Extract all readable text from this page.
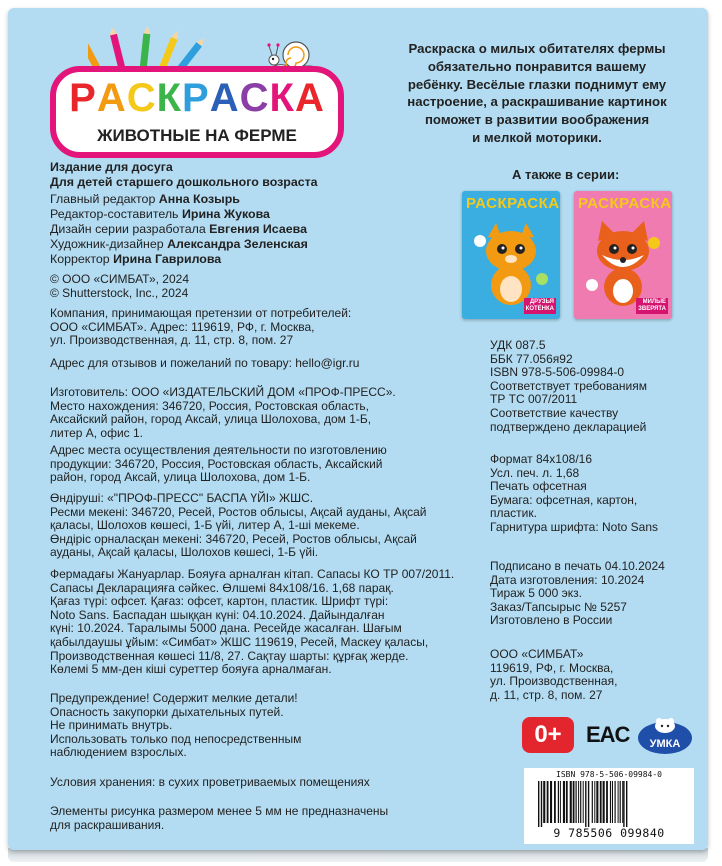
РАСКРАСКА
ЖИВОТНЫЕ НА ФЕРМЕ
Раскраска о милых обитателях фермы
обязательно понравится вашему
ребёнку. Весёлые глазки поднимут ему
настроение, а раскрашивание картинок
поможет в развитии воображения
и мелкой моторики.
А также в серии:
РАСКРАСКА
ДРУЗЬЯ
КОТЁНКА
РАСКРАСКА
МИЛЫЕ
ЗВЕРЯТА
Издание для досуга
Для детей старшего дошкольного возраста
Главный редактор Анна Козырь
Редактор-составитель Ирина Жукова
Дизайн серии разработала Евгения Исаева
Художник-дизайнер Александра Зеленская
Корректор Ирина Гаврилова
© ООО «СИМБАТ», 2024
© Shutterstock, Inc., 2024
Компания, принимающая претензии от потребителей:
ООО «СИМБАТ». Адрес: 119619, РФ, г. Москва,
ул. Производственная, д. 11, стр. 8, пом. 27
Адрес для отзывов и пожеланий по товару: hello@igr.ru
Изготовитель: ООО «ИЗДАТЕЛЬСКИЙ ДОМ «ПРОФ-ПРЕСС».
Место нахождения: 346720, Россия, Ростовская область,
Аксайский район, город Аксай, улица Шолохова, дом 1-Б,
литер А, офис 1.
Адрес места осуществления деятельности по изготовлению
продукции: 346720, Россия, Ростовская область, Аксайский
район, город Аксай, улица Шолохова, дом 1-Б.
Өндіруші: «"ПРОФ-ПРЕСС" БАСПА ҮЙІ» ЖШС.
Ресми мекені: 346720, Ресей, Ростов облысы, Ақсай ауданы, Ақсай
қаласы, Шолохов көшесі, 1-Б үйі, литер А, 1-ші мекеме.
Өндіріс орналасқан мекені: 346720, Ресей, Ростов облысы, Ақсай
ауданы, Ақсай қаласы, Шолохов көшесі, 1-Б үйі.
Фермадағы Жануарлар. Бояуға арналған кітап. Сапасы КО ТР 007/2011.
Сапасы Декларацияға сәйкес. Өлшемі 84x108/16. 1,68 парақ.
Қағаз түрі: офсет. Қағаз: офсет, картон, пластик. Шрифт түрі:
Noto Sans. Баспадан шыққан күні: 04.10.2024. Дайындалған
күні: 10.2024. Таралымы 5000 дана. Ресейде жасалған. Шағым
қабылдаушы ұйым: «Симбат» ЖШС 119619, Ресей, Маскеу қаласы,
Производственная көшесі 11/8, 27. Сақтау шарты: құрғақ жерде.
Көлемі 5 мм-ден кіші суреттер бояуға арналмаған.
Предупреждение! Содержит мелкие детали!
Опасность закупорки дыхательных путей.
Не принимать внутрь.
Использовать только под непосредственным
наблюдением взрослых.
Условия хранения: в сухих проветриваемых помещениях
Элементы рисунка размером менее 5 мм не предназначены
для раскрашивания.
УДК 087.5
ББК 77.056я92
ISBN 978-5-506-09984-0
Соответствует требованиям
ТР ТС 007/2011
Соответствие качеству
подтверждено декларацией
Формат 84x108/16
Усл. печ. л. 1,68
Печать офсетная
Бумага: офсетная, картон,
пластик.
Гарнитура шрифта: Noto Sans
Подписано в печать 04.10.2024
Дата изготовления: 10.2024
Тираж 5 000 экз.
Заказ/Тапсырыс № 5257
Изготовлено в России
ООО «СИМБАТ»
119619, РФ, г. Москва,
ул. Производственная,
д. 11, стр. 8, пом. 27
0+	EAC УМКА
ISBN 978-5-506-09984-0
9 785506 099840
